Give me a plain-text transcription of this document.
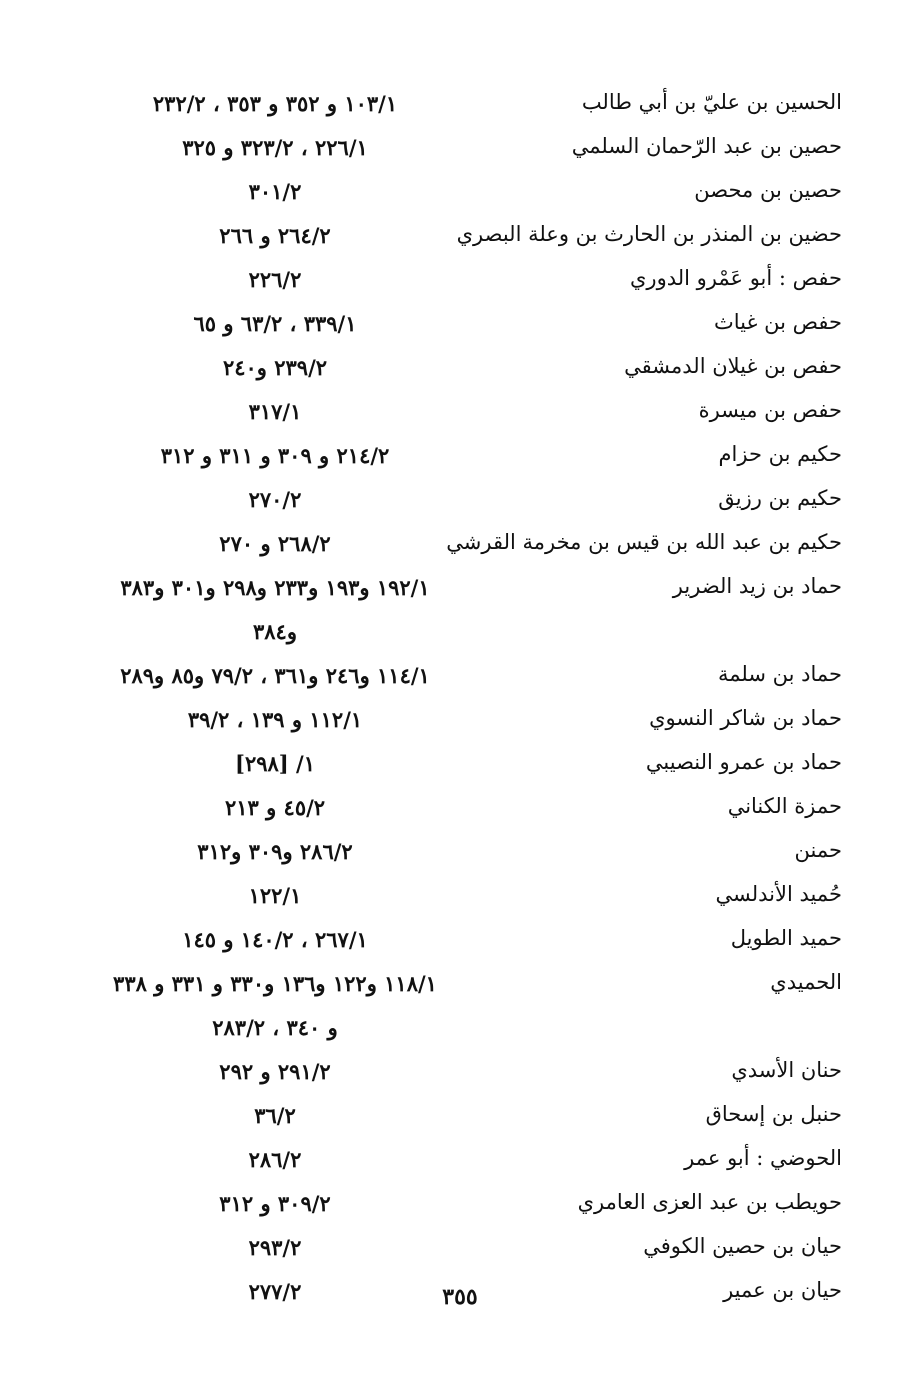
الحسين بن عليّ بن أبي طالب
١٠٣/١ و ٣٥٢ و ٣٥٣ ، ٢٣٢/٢
حصين بن عبد الرّحمان السلمي
٢٢٦/١ ، ٣٢٣/٢ و ٣٢٥
حصين بن محصن
٣٠١/٢
حضين بن المنذر بن الحارث بن وعلة البصري
٢٦٤/٢ و ٢٦٦
حفص : أبو عَمْرو الدوري
٢٢٦/٢
حفص بن غياث
٣٣٩/١ ، ٦٣/٢ و ٦٥
حفص بن غيلان الدمشقي
٢٣٩/٢ و٢٤٠
حفص بن ميسرة
٣١٧/١
حكيم بن حزام
٢١٤/٢ و ٣٠٩ و ٣١١ و ٣١٢
حكيم بن رزيق
٢٧٠/٢
حكيم بن عبد الله بن قيس بن مخرمة القرشي
٢٦٨/٢ و ٢٧٠
حماد بن زيد الضرير
١٩٢/١ و١٩٣ و٢٣٣ و٢٩٨ و٣٠١ و٣٨٣
و٣٨٤
حماد بن سلمة
١١٤/١ و٢٤٦ و٣٦١ ، ٧٩/٢ و٨٥ و٢٨٩
حماد بن شاكر النسوي
١١٢/١ و ١٣٩ ، ٣٩/٢
حماد بن عمرو النصيبي
١/ [٢٩٨]
حمزة الكناني
٤٥/٢ و ٢١٣
حمنن
٢٨٦/٢ و٣٠٩ و٣١٢
حُميد الأندلسي
١٢٢/١
حميد الطويل
٢٦٧/١ ، ١٤٠/٢ و ١٤٥
الحميدي
١١٨/١ و١٢٢ و١٣٦ و٣٣٠ و ٣٣١ و ٣٣٨
و ٣٤٠ ، ٢٨٣/٢
حنان الأسدي
٢٩١/٢ و ٢٩٢
حنبل بن إسحاق
٣٦/٢
الحوضي : أبو عمر
٢٨٦/٢
حويطب بن عبد العزى العامري
٣٠٩/٢ و ٣١٢
حيان بن حصين الكوفي
٢٩٣/٢
حيان بن عمير
٢٧٧/٢	٣٥٥
